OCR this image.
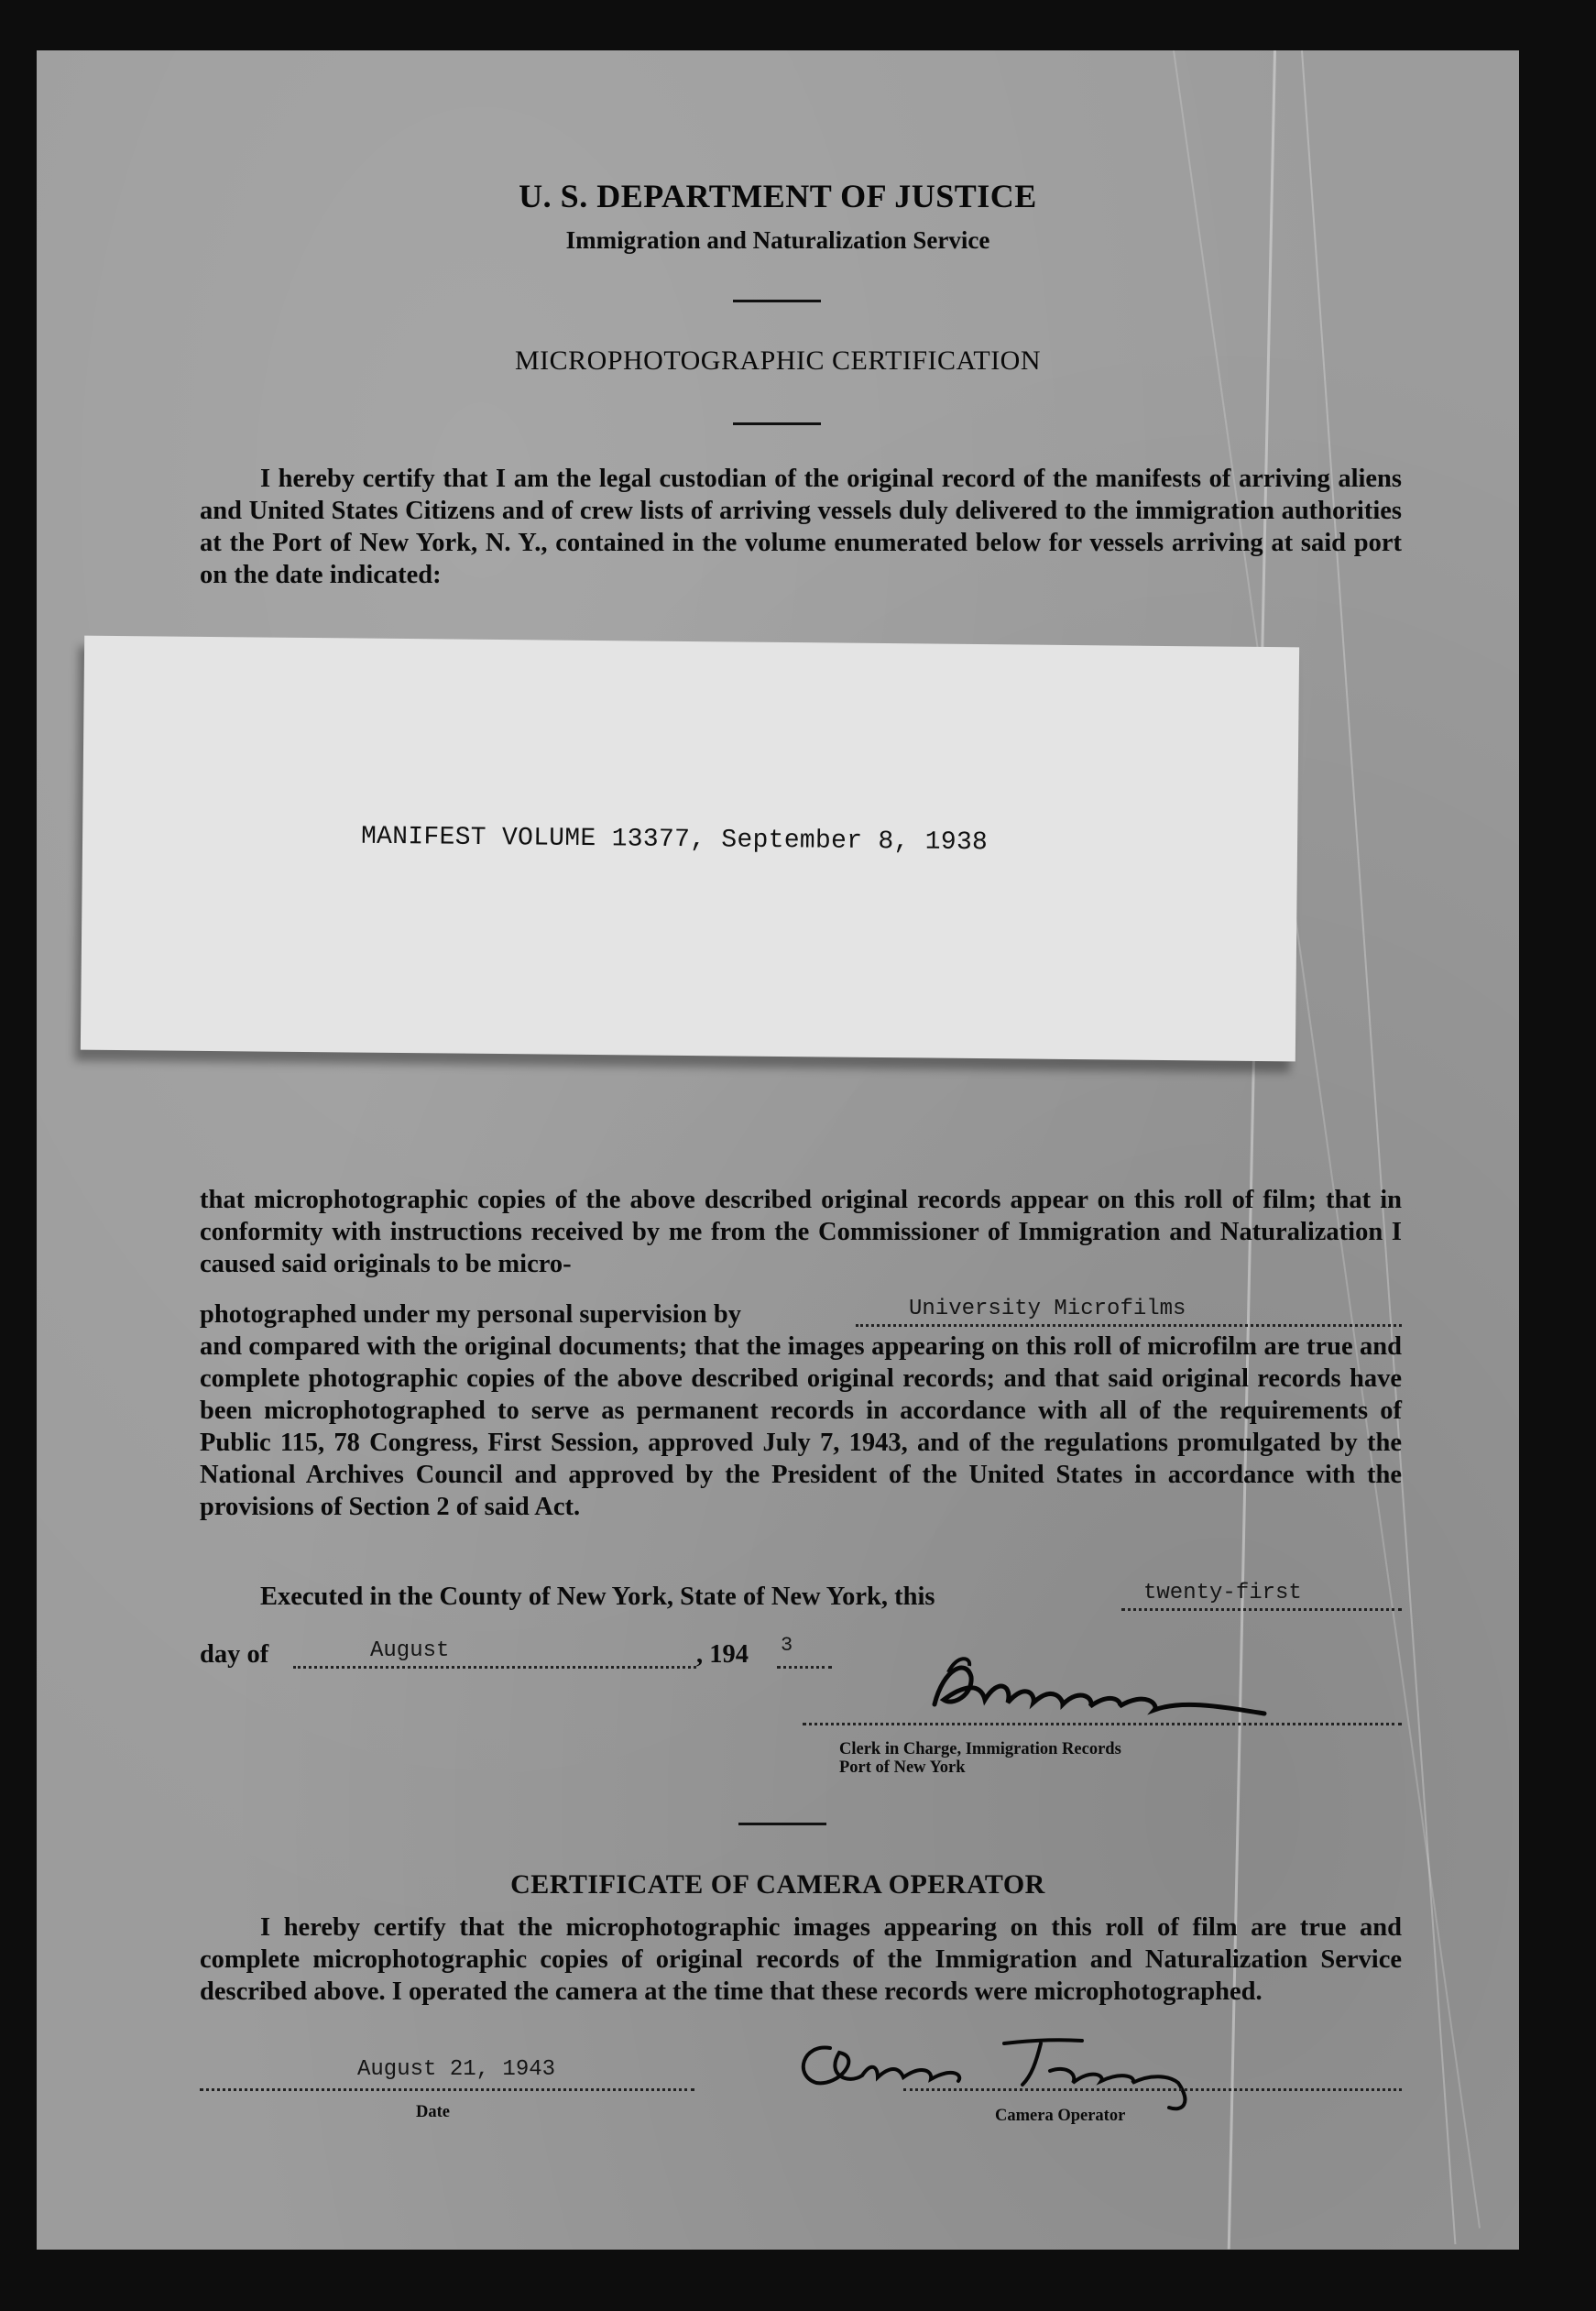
U. S. DEPARTMENT OF JUSTICE
Immigration and Naturalization Service
MICROPHOTOGRAPHIC CERTIFICATION

I hereby certify that I am the legal custodian of the original record of the manifests of arriving aliens and United States Citizens and of crew lists of arriving vessels duly delivered to the immigration authorities at the Port of New York, N. Y., contained in the volume enumerated below for vessels arriving at said port on the date indicated:

MANIFEST VOLUME 13377, September 8, 1938

that microphotographic copies of the above described original records appear on this roll of film; that in conformity with instructions received by me from the Commissioner of Immigration and Naturalization I caused said originals to be micro-

photographed under my personal supervision by	University Microfilms

and compared with the original documents; that the images appearing on this roll of microfilm are true and complete photographic copies of the above described original records; and that said original records have been microphotographed to serve as permanent records in accordance with all of the requirements of Public 115, 78 Congress, First Session, approved July 7, 1943, and of the regulations promulgated by the National Archives Council and approved by the President of the United States in accordance with the provisions of Section 2 of said Act.

Executed in the County of New York, State of New York, this	twenty-first
day of	August	, 194 3
Clerk in Charge, Immigration Records
Port of New York
CERTIFICATE OF CAMERA OPERATOR

I hereby certify that the microphotographic images appearing on this roll of film are true and complete microphotographic copies of original records of the Immigration and Naturalization Service described above. I operated the camera at the time that these records were microphotographed.

August 21, 1943
Date	Camera Operator
